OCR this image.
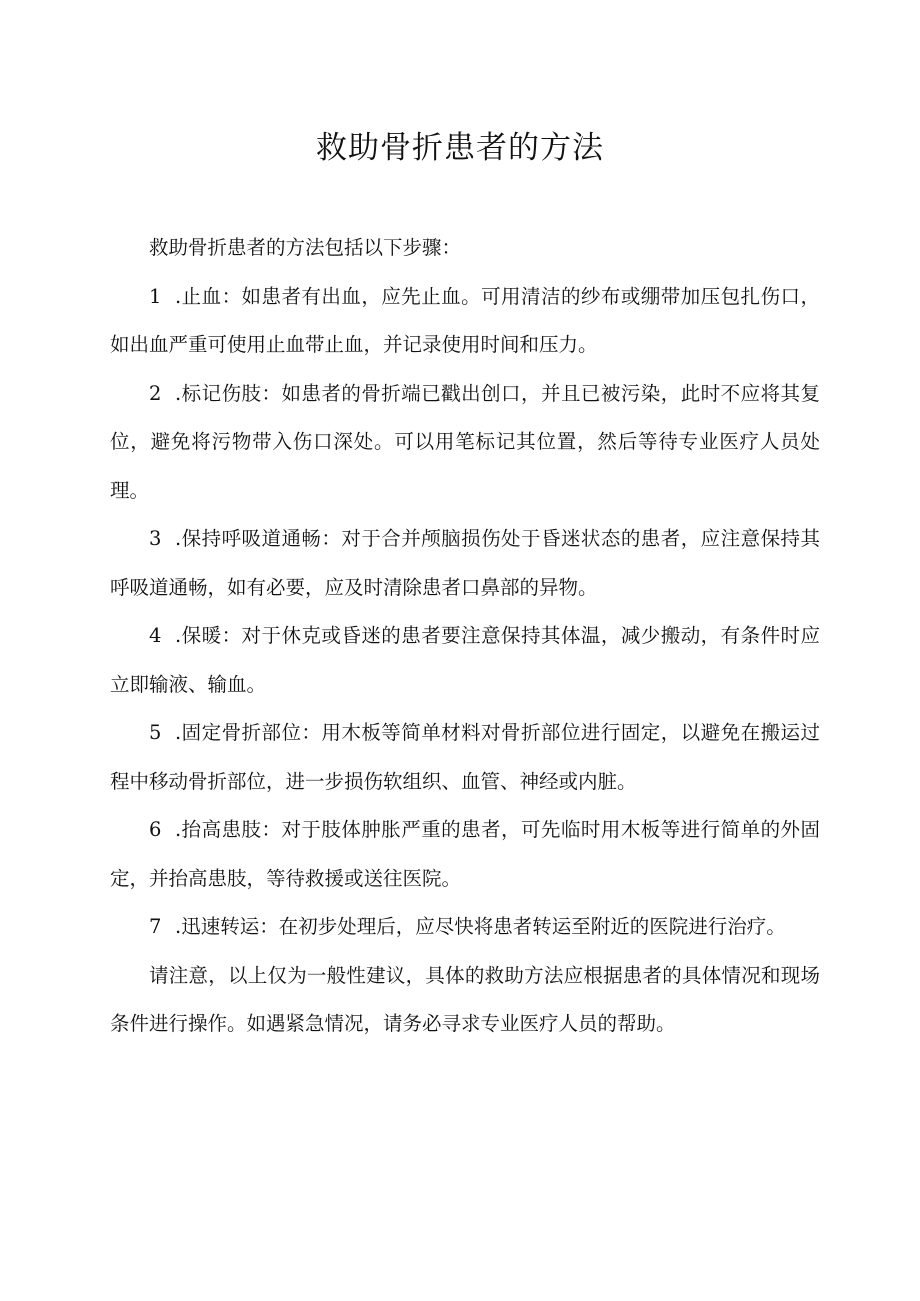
救助骨折患者的方法

救助骨折患者的方法包括以下步骤：

1 .止血：如患者有出血，应先止血。可用清洁的纱布或绷带加压包扎伤口，如出血严重可使用止血带止血，并记录使用时间和压力。

2 .标记伤肢：如患者的骨折端已戳出创口，并且已被污染，此时不应将其复位，避免将污物带入伤口深处。可以用笔标记其位置，然后等待专业医疗人员处理。

3 .保持呼吸道通畅：对于合并颅脑损伤处于昏迷状态的患者，应注意保持其呼吸道通畅，如有必要，应及时清除患者口鼻部的异物。

4 .保暖：对于休克或昏迷的患者要注意保持其体温，减少搬动，有条件时应立即输液、输血。

5 .固定骨折部位：用木板等简单材料对骨折部位进行固定，以避免在搬运过程中移动骨折部位，进一步损伤软组织、血管、神经或内脏。

6 .抬高患肢：对于肢体肿胀严重的患者，可先临时用木板等进行简单的外固定，并抬高患肢，等待救援或送往医院。

7 .迅速转运：在初步处理后，应尽快将患者转运至附近的医院进行治疗。

请注意，以上仅为一般性建议，具体的救助方法应根据患者的具体情况和现场条件进行操作。如遇紧急情况，请务必寻求专业医疗人员的帮助。
